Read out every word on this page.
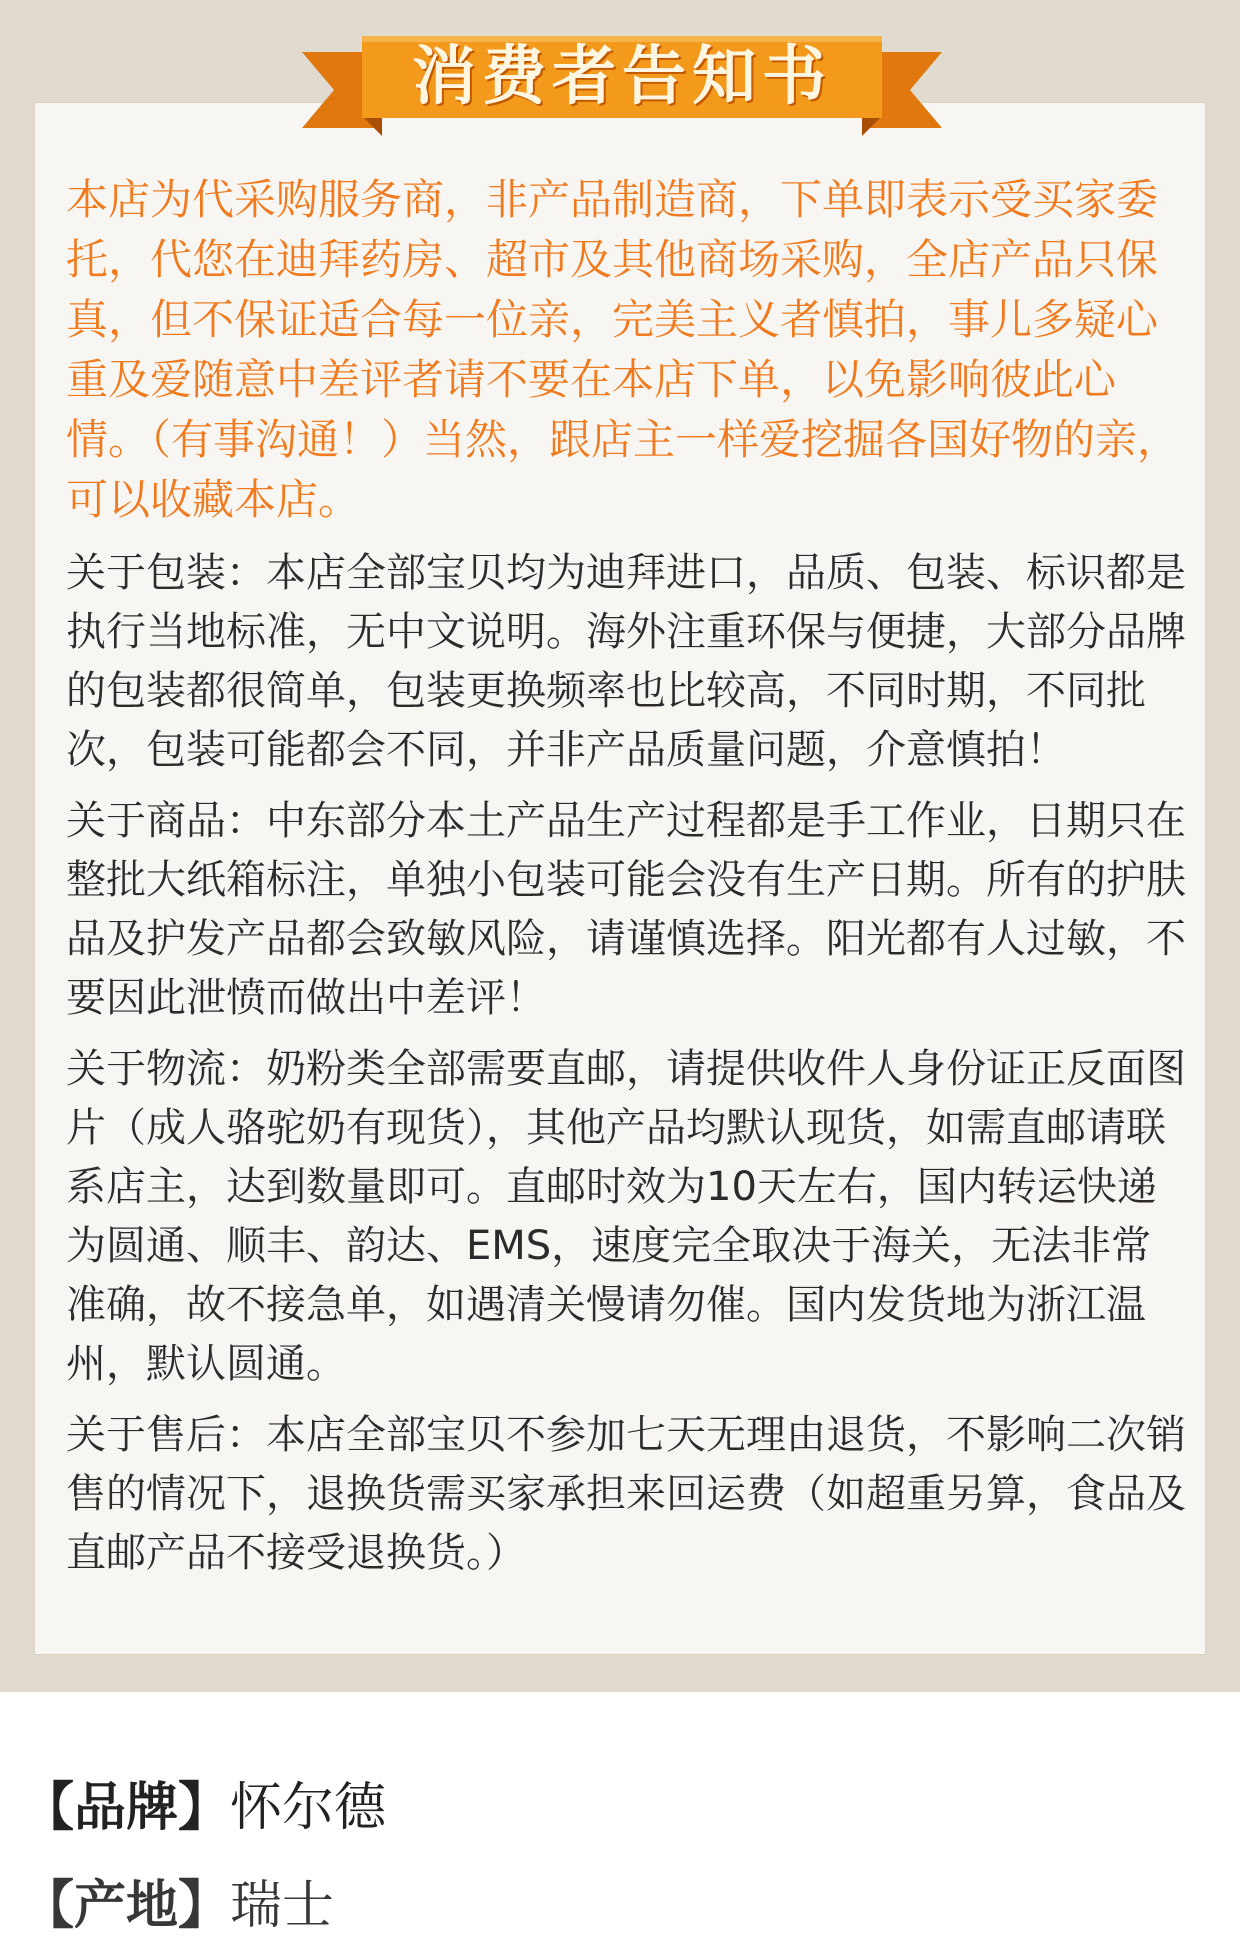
消费者告知书

本店为代采购服务商，非产品制造商，下单即表示受买家委托，代您在迪拜药房、超市及其他商场采购，全店产品只保真，但不保证适合每一位亲，完美主义者慎拍，事儿多疑心重及爱随意中差评者请不要在本店下单，以免影响彼此心情。（有事沟通！）当然，跟店主一样爱挖掘各国好物的亲，可以收藏本店。

关于包装：本店全部宝贝均为迪拜进口，品质、包装、标识都是执行当地标准，无中文说明。海外注重环保与便捷，大部分品牌的包装都很简单，包装更换频率也比较高，不同时期，不同批次，包装可能都会不同，并非产品质量问题，介意慎拍！

关于商品：中东部分本土产品生产过程都是手工作业，日期只在整批大纸箱标注，单独小包装可能会没有生产日期。所有的护肤品及护发产品都会致敏风险，请谨慎选择。阳光都有人过敏，不要因此泄愤而做出中差评！

关于物流：奶粉类全部需要直邮，请提供收件人身份证正反面图片（成人骆驼奶有现货），其他产品均默认现货，如需直邮请联系店主，达到数量即可。直邮时效为10天左右，国内转运快递为圆通、顺丰、韵达、EMS，速度完全取决于海关，无法非常准确，故不接急单，如遇清关慢请勿催。国内发货地为浙江温州，默认圆通。

关于售后：本店全部宝贝不参加七天无理由退货，不影响二次销售的情况下，退换货需买家承担来回运费（如超重另算，食品及直邮产品不接受退换货。）

【品牌】怀尔德
【产地】瑞士
